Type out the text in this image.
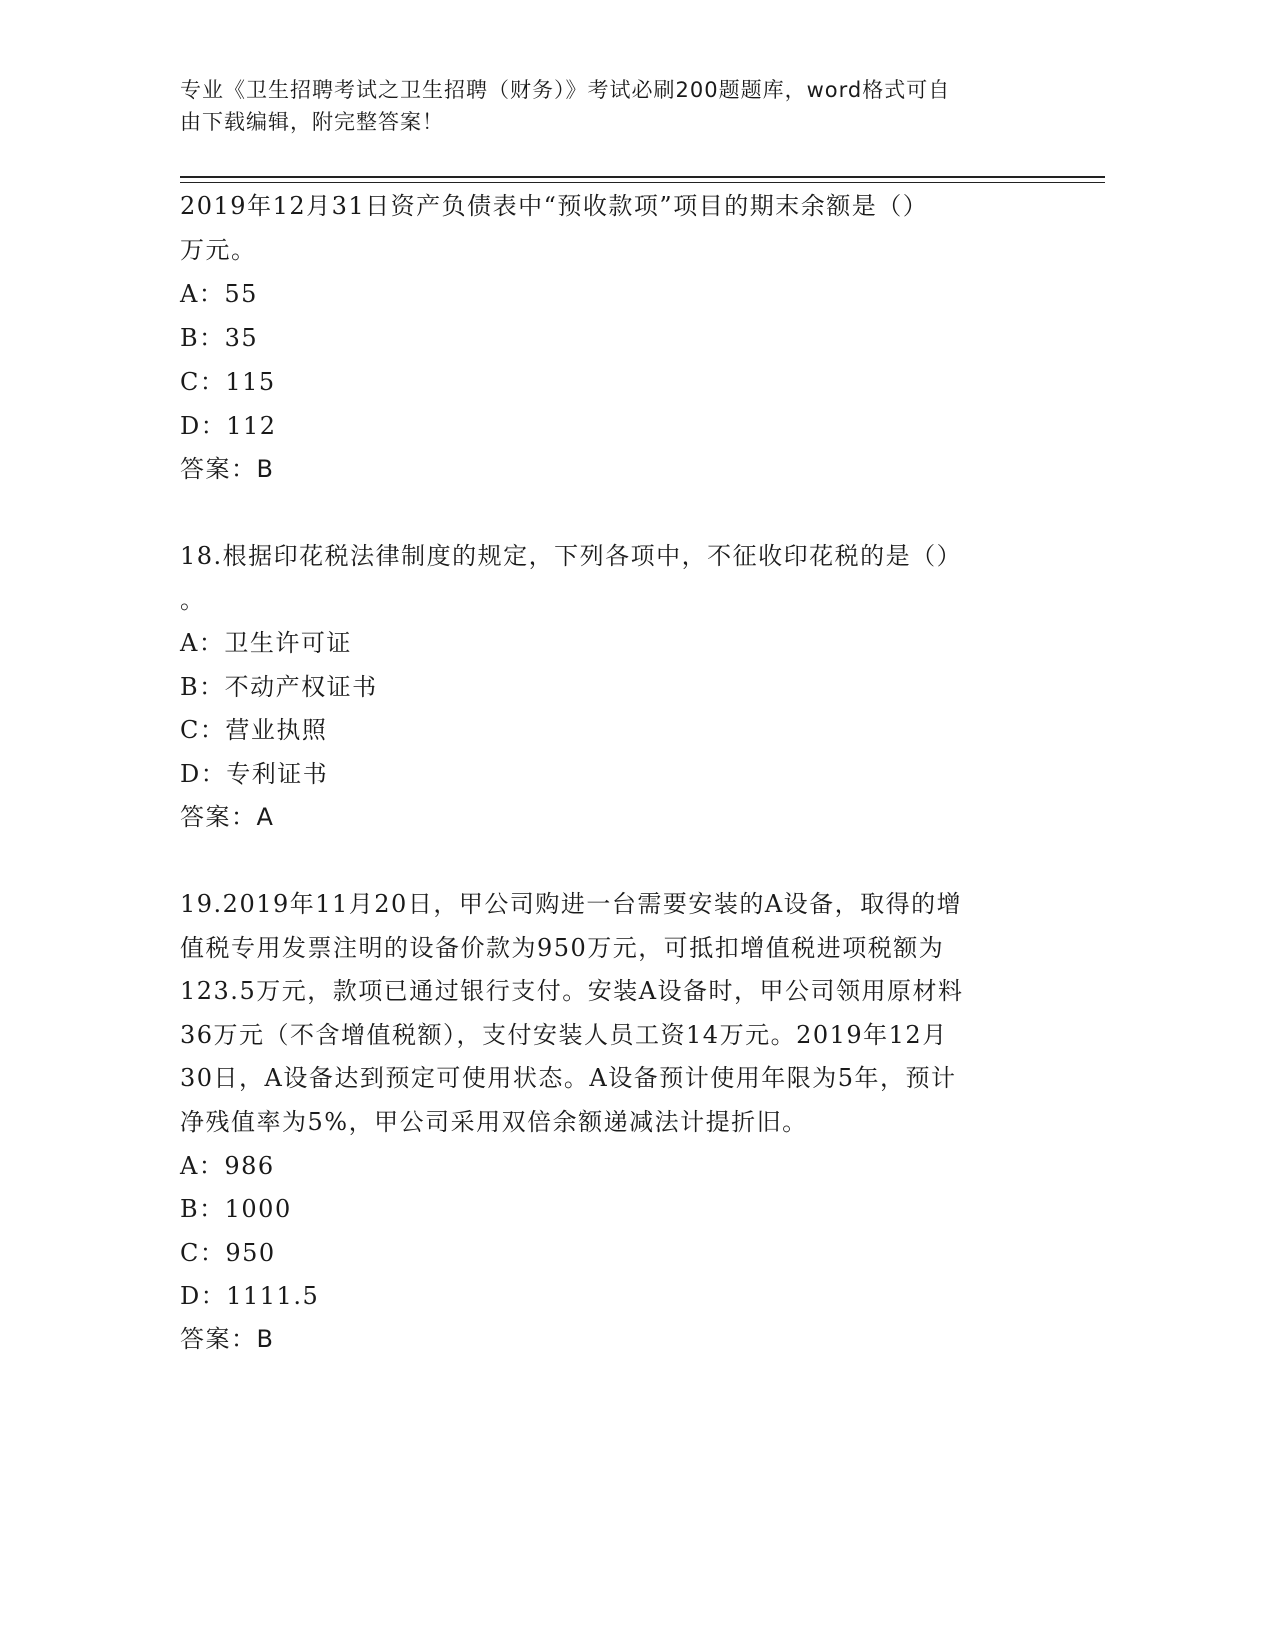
专业《卫生招聘考试之卫生招聘（财务）》考试必刷200题题库，word格式可自
由下载编辑，附完整答案！
2019年12月31日资产负债表中“预收款项”项目的期末余额是（）
万元。
A：55
B：35
C：115
D：112
答案：B
18.根据印花税法律制度的规定，下列各项中，不征收印花税的是（）
。
A：卫生许可证
B：不动产权证书
C：营业执照
D：专利证书
答案：A
19.2019年11月20日，甲公司购进一台需要安装的A设备，取得的增
值税专用发票注明的设备价款为950万元，可抵扣增值税进项税额为
123.5万元，款项已通过银行支付。安装A设备时，甲公司领用原材料
36万元（不含增值税额），支付安装人员工资14万元。2019年12月
30日，A设备达到预定可使用状态。A设备预计使用年限为5年，预计
净残值率为5%，甲公司采用双倍余额递减法计提折旧。
A：986
B：1000
C：950
D：1111.5
答案：B
